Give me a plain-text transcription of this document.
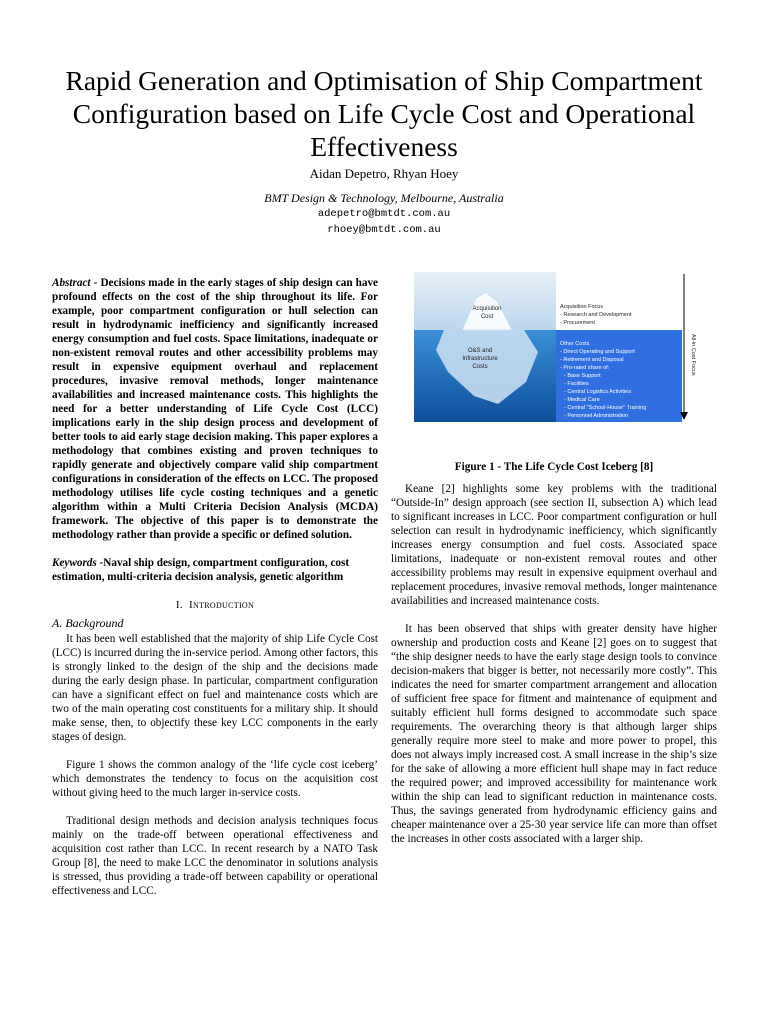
Rapid Generation and Optimisation of Ship Compartment Configuration based on Life Cycle Cost and Operational Effectiveness
Aidan Depetro, Rhyan Hoey
BMT Design & Technology, Melbourne, Australia
adepetro@bmtdt.com.au
rhoey@bmtdt.com.au
Abstract - Decisions made in the early stages of ship design can have profound effects on the cost of the ship throughout its life. For example, poor compartment configuration or hull selection can result in hydrodynamic inefficiency and significantly increased energy consumption and fuel costs. Space limitations, inadequate or non-existent removal routes and other accessibility problems may result in expensive equipment overhaul and replacement procedures, invasive removal methods, longer maintenance availabilities and increased maintenance costs. This highlights the need for a better understanding of Life Cycle Cost (LCC) implications early in the ship design process and development of better tools to aid early stage decision making. This paper explores a methodology that combines existing and proven techniques to rapidly generate and objectively compare valid ship compartment configurations in consideration of the effects on LCC. The proposed methodology utilises life cycle costing techniques and a genetic algorithm within a Multi Criteria Decision Analysis (MCDA) framework. The objective of this paper is to demonstrate the methodology rather than provide a specific or defined solution.
Keywords -Naval ship design, compartment configuration, cost estimation, multi-criteria decision analysis, genetic algorithm
I. Introduction
A. Background

It has been well established that the majority of ship Life Cycle Cost (LCC) is incurred during the in-service period. Among other factors, this is strongly linked to the design of the ship and the decisions made during the early design phase. In particular, compartment configuration can have a significant effect on fuel and maintenance costs which are two of the main operating cost constituents for a military ship. It should make sense, then, to objectify these key LCC components in the early stages of design.

Figure 1 shows the common analogy of the ‘life cycle cost iceberg’ which demonstrates the tendency to focus on the acquisition cost without giving heed to the much larger in-service costs.

Traditional design methods and decision analysis techniques focus mainly on the trade-off between operational effectiveness and acquisition cost rather than LCC. In recent research by a NATO Task Group [8], the need to make LCC the denominator in solutions analysis is stressed, thus providing a trade-off between capability or operational effectiveness and LCC.

Acquisition
Cost
O&S and
Infrastructure
Costs
Acquisition Focus
- Research and Development
- Procurement
Other Costs
- Direct Operating and Support
- Retirement and Disposal
- Pro-rated share of:
- Base Support
- Facilities
- Central Logistics Activities
- Medical Care
- Central "School-House" Training
- Personnel Administration
All-in Cost Focus
Figure 1 - The Life Cycle Cost Iceberg [8]

Keane [2] highlights some key problems with the traditional “Outside-In” design approach (see section II, subsection A) which lead to significant increases in LCC. Poor compartment configuration or hull selection can result in hydrodynamic inefficiency, which significantly increases energy consumption and fuel costs. Associated space limitations, inadequate or non-existent removal routes and other accessibility problems may result in expensive equipment overhaul and replacement procedures, invasive removal methods, longer maintenance availabilities and increased maintenance costs.

It has been observed that ships with greater density have higher ownership and production costs and Keane [2] goes on to suggest that “the ship designer needs to have the early stage design tools to convince decision-makers that bigger is better, not necessarily more costly”. This indicates the need for smarter compartment arrangement and allocation of sufficient free space for fitment and maintenance of equipment and suitably efficient hull forms designed to accommodate such space requirements. The overarching theory is that although larger ships generally require more steel to make and more power to propel, this does not always imply increased cost. A small increase in the ship’s size for the sake of allowing a more efficient hull shape may in fact reduce the required power; and improved accessibility for maintenance work within the ship can lead to significant reduction in maintenance costs. Thus, the savings generated from hydrodynamic efficiency gains and cheaper maintenance over a 25-30 year service life can more than offset the increases in other costs associated with a larger ship.
